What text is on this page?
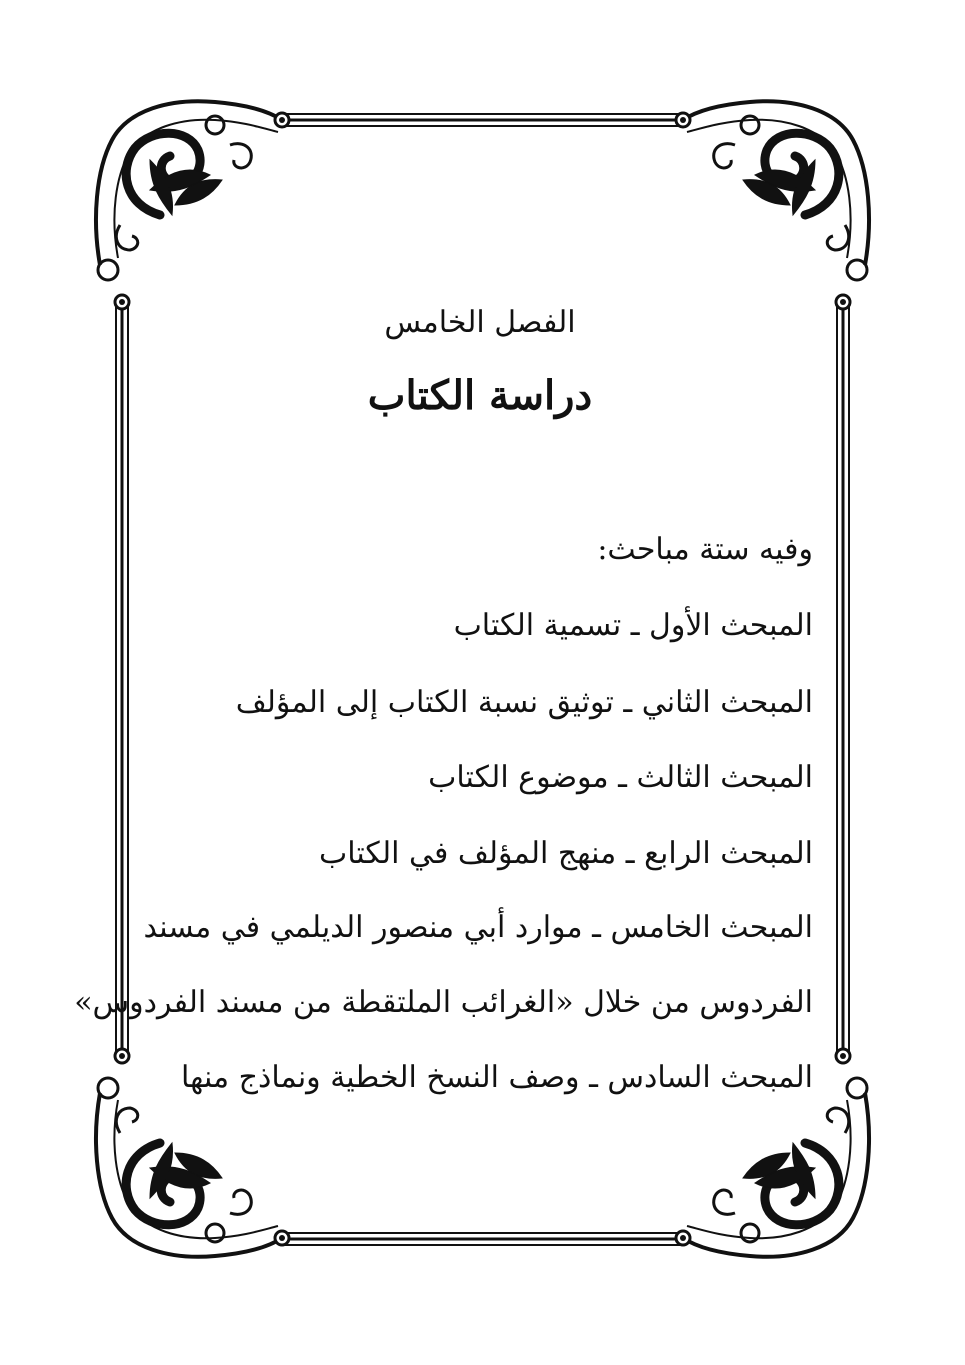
الفصل الخامس
دراسة الكتاب
وفيه ستة مباحث:
المبحث الأول ـ تسمية الكتاب
المبحث الثاني ـ توثيق نسبة الكتاب إلى المؤلف
المبحث الثالث ـ موضوع الكتاب
المبحث الرابع ـ منهج المؤلف في الكتاب
المبحث الخامس ـ موارد أبي منصور الديلمي في مسند
الفردوس من خلال «الغرائب الملتقطة من مسند الفردوس»
المبحث السادس ـ وصف النسخ الخطية ونماذج منها
